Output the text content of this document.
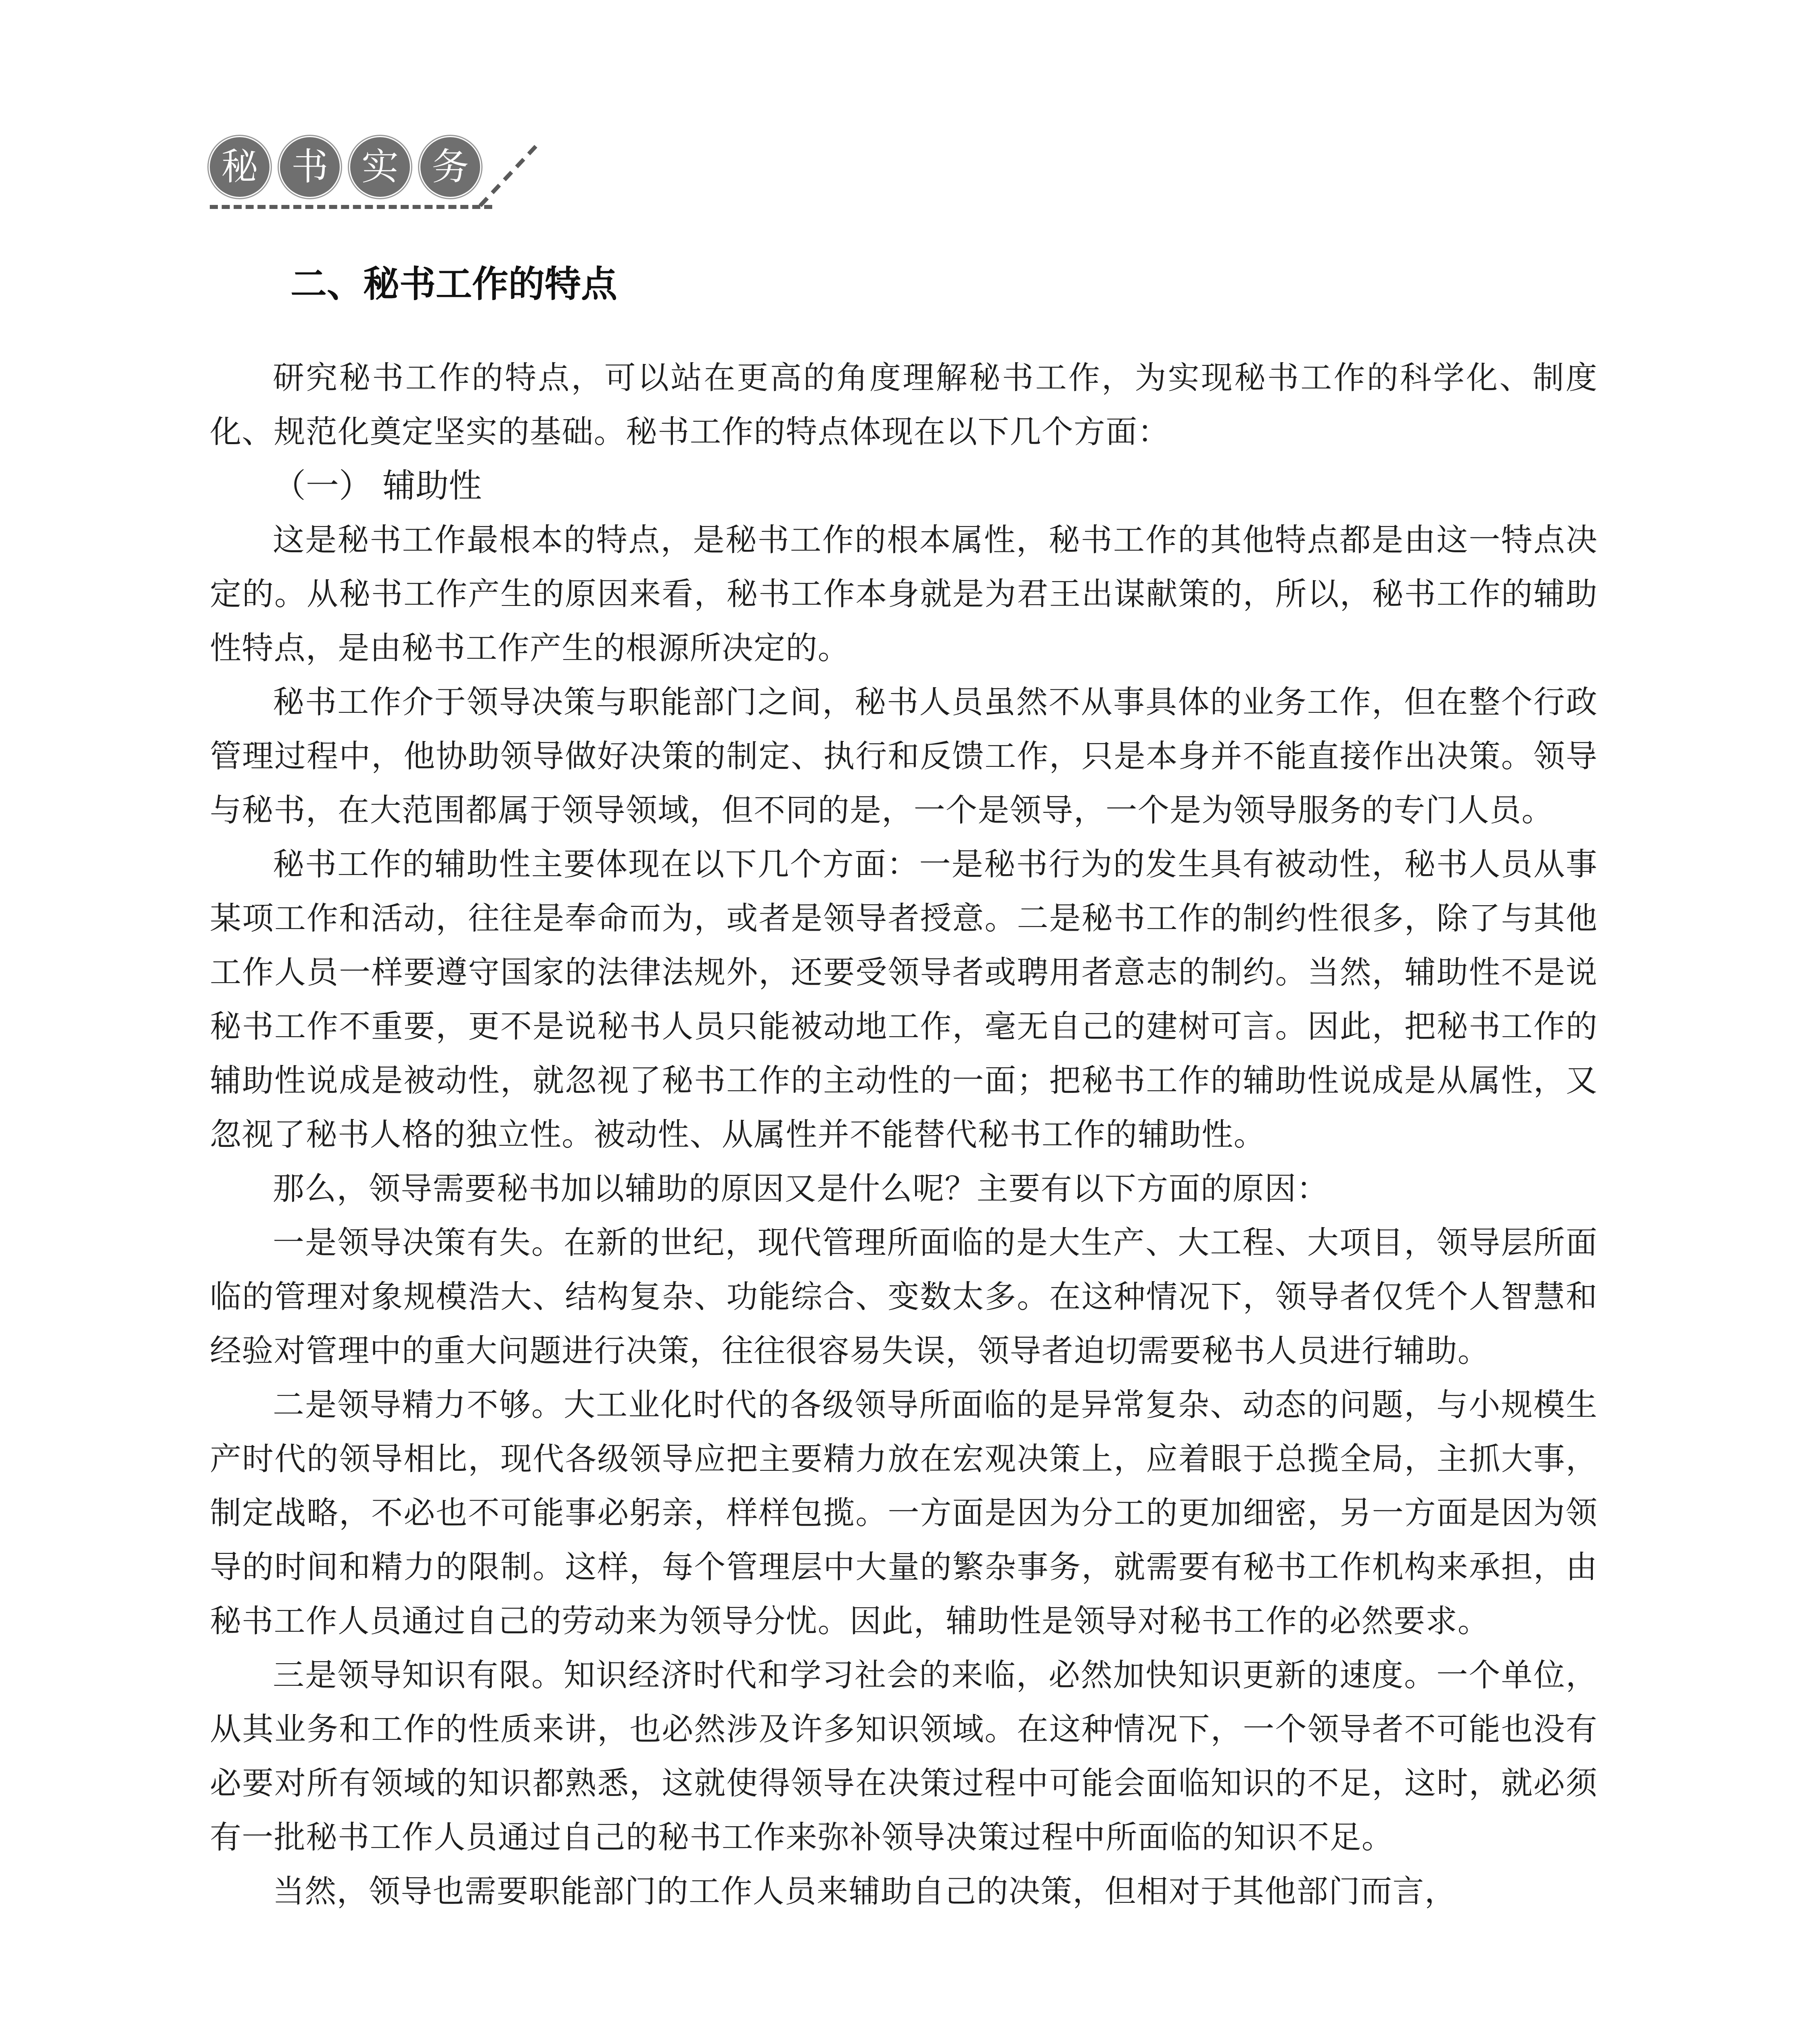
秘 书 实 务
二、秘书工作的特点

研究秘书工作的特点，可以站在更高的角度理解秘书工作，为实现秘书工作的科学化、制度化、规范化奠定坚实的基础。秘书工作的特点体现在以下几个方面：

（一） 辅助性

这是秘书工作最根本的特点，是秘书工作的根本属性，秘书工作的其他特点都是由这一特点决定的。从秘书工作产生的原因来看，秘书工作本身就是为君王出谋献策的，所以，秘书工作的辅助性特点，是由秘书工作产生的根源所决定的。

秘书工作介于领导决策与职能部门之间，秘书人员虽然不从事具体的业务工作，但在整个行政管理过程中，他协助领导做好决策的制定、执行和反馈工作，只是本身并不能直接作出决策。领导与秘书，在大范围都属于领导领域，但不同的是，一个是领导，一个是为领导服务的专门人员。

秘书工作的辅助性主要体现在以下几个方面：一是秘书行为的发生具有被动性，秘书人员从事某项工作和活动，往往是奉命而为，或者是领导者授意。二是秘书工作的制约性很多，除了与其他工作人员一样要遵守国家的法律法规外，还要受领导者或聘用者意志的制约。当然，辅助性不是说秘书工作不重要，更不是说秘书人员只能被动地工作，毫无自己的建树可言。因此，把秘书工作的辅助性说成是被动性，就忽视了秘书工作的主动性的一面；把秘书工作的辅助性说成是从属性，又忽视了秘书人格的独立性。被动性、从属性并不能替代秘书工作的辅助性。

那么，领导需要秘书加以辅助的原因又是什么呢？主要有以下方面的原因：

一是领导决策有失。在新的世纪，现代管理所面临的是大生产、大工程、大项目，领导层所面临的管理对象规模浩大、结构复杂、功能综合、变数太多。在这种情况下，领导者仅凭个人智慧和经验对管理中的重大问题进行决策，往往很容易失误，领导者迫切需要秘书人员进行辅助。

二是领导精力不够。大工业化时代的各级领导所面临的是异常复杂、动态的问题，与小规模生产时代的领导相比，现代各级领导应把主要精力放在宏观决策上，应着眼于总揽全局，主抓大事，制定战略，不必也不可能事必躬亲，样样包揽。一方面是因为分工的更加细密，另一方面是因为领导的时间和精力的限制。这样，每个管理层中大量的繁杂事务，就需要有秘书工作机构来承担，由秘书工作人员通过自己的劳动来为领导分忧。因此，辅助性是领导对秘书工作的必然要求。

三是领导知识有限。知识经济时代和学习社会的来临，必然加快知识更新的速度。一个单位，从其业务和工作的性质来讲，也必然涉及许多知识领域。在这种情况下，一个领导者不可能也没有必要对所有领域的知识都熟悉，这就使得领导在决策过程中可能会面临知识的不足，这时，就必须有一批秘书工作人员通过自己的秘书工作来弥补领导决策过程中所面临的知识不足。

当然，领导也需要职能部门的工作人员来辅助自己的决策，但相对于其他部门而言，
